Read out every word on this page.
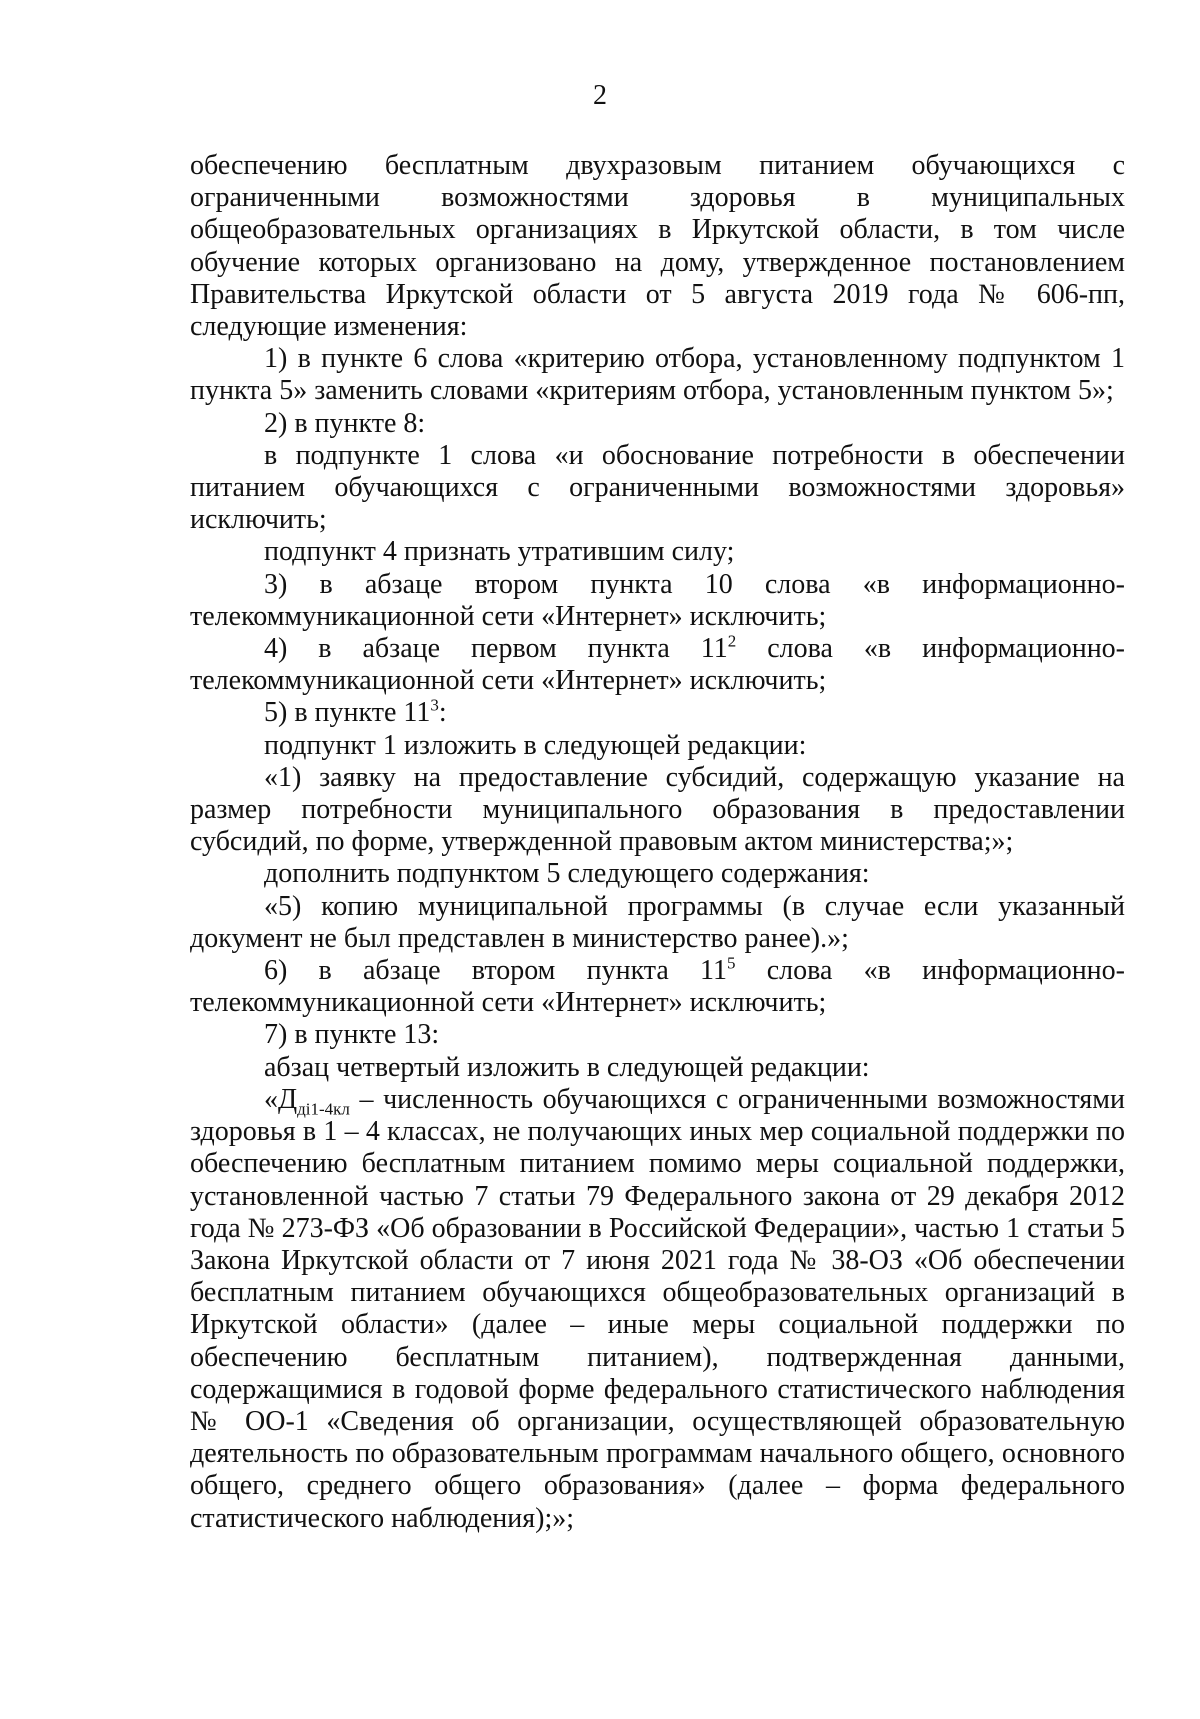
2

обеспечению бесплатным двухразовым питанием обучающихся с ограниченными возможностями здоровья в муниципальных общеобразовательных организациях в Иркутской области, в том числе обучение которых организовано на дому, утвержденное постановлением Правительства Иркутской области от 5 августа 2019 года № 606-пп, следующие изменения:

1) в пункте 6 слова «критерию отбора, установленному подпунктом 1 пункта 5» заменить словами «критериям отбора, установленным пунктом 5»;

2) в пункте 8:

в подпункте 1 слова «и обоснование потребности в обеспечении питанием обучающихся с ограниченными возможностями здоровья» исключить;

подпункт 4 признать утратившим силу;

3) в абзаце втором пункта 10 слова «в информационно-телекоммуникационной сети «Интернет» исключить;

4) в абзаце первом пункта $11^2$ слова «в информационно-телекоммуникационной сети «Интернет» исключить;

5) в пункте $11^3$:

подпункт 1 изложить в следующей редакции:

«1) заявку на предоставление субсидий, содержащую указание на размер потребности муниципального образования в предоставлении субсидий, по форме, утвержденной правовым актом министерства;»;

дополнить подпунктом 5 следующего содержания:

«5) копию муниципальной программы (в случае если указанный документ не был представлен в министерство ранее).»;

6) в абзаце втором пункта $11^5$ слова «в информационно-телекоммуникационной сети «Интернет» исключить;

7) в пункте 13:

абзац четвертый изложить в следующей редакции:

«$Д_{дi1-4кл}$ – численность обучающихся с ограниченными возможностями здоровья в 1 – 4 классах, не получающих иных мер социальной поддержки по обеспечению бесплатным питанием помимо меры социальной поддержки, установленной частью 7 статьи 79 Федерального закона от 29 декабря 2012 года № 273-ФЗ «Об образовании в Российской Федерации», частью 1 статьи 5 Закона Иркутской области от 7 июня 2021 года № 38-ОЗ «Об обеспечении бесплатным питанием обучающихся общеобразовательных организаций в Иркутской области» (далее – иные меры социальной поддержки по обеспечению бесплатным питанием), подтвержденная данными, содержащимися в годовой форме федерального статистического наблюдения № ОО-1 «Сведения об организации, осуществляющей образовательную деятельность по образовательным программам начального общего, основного общего, среднего общего образования» (далее – форма федерального статистического наблюдения);»;
